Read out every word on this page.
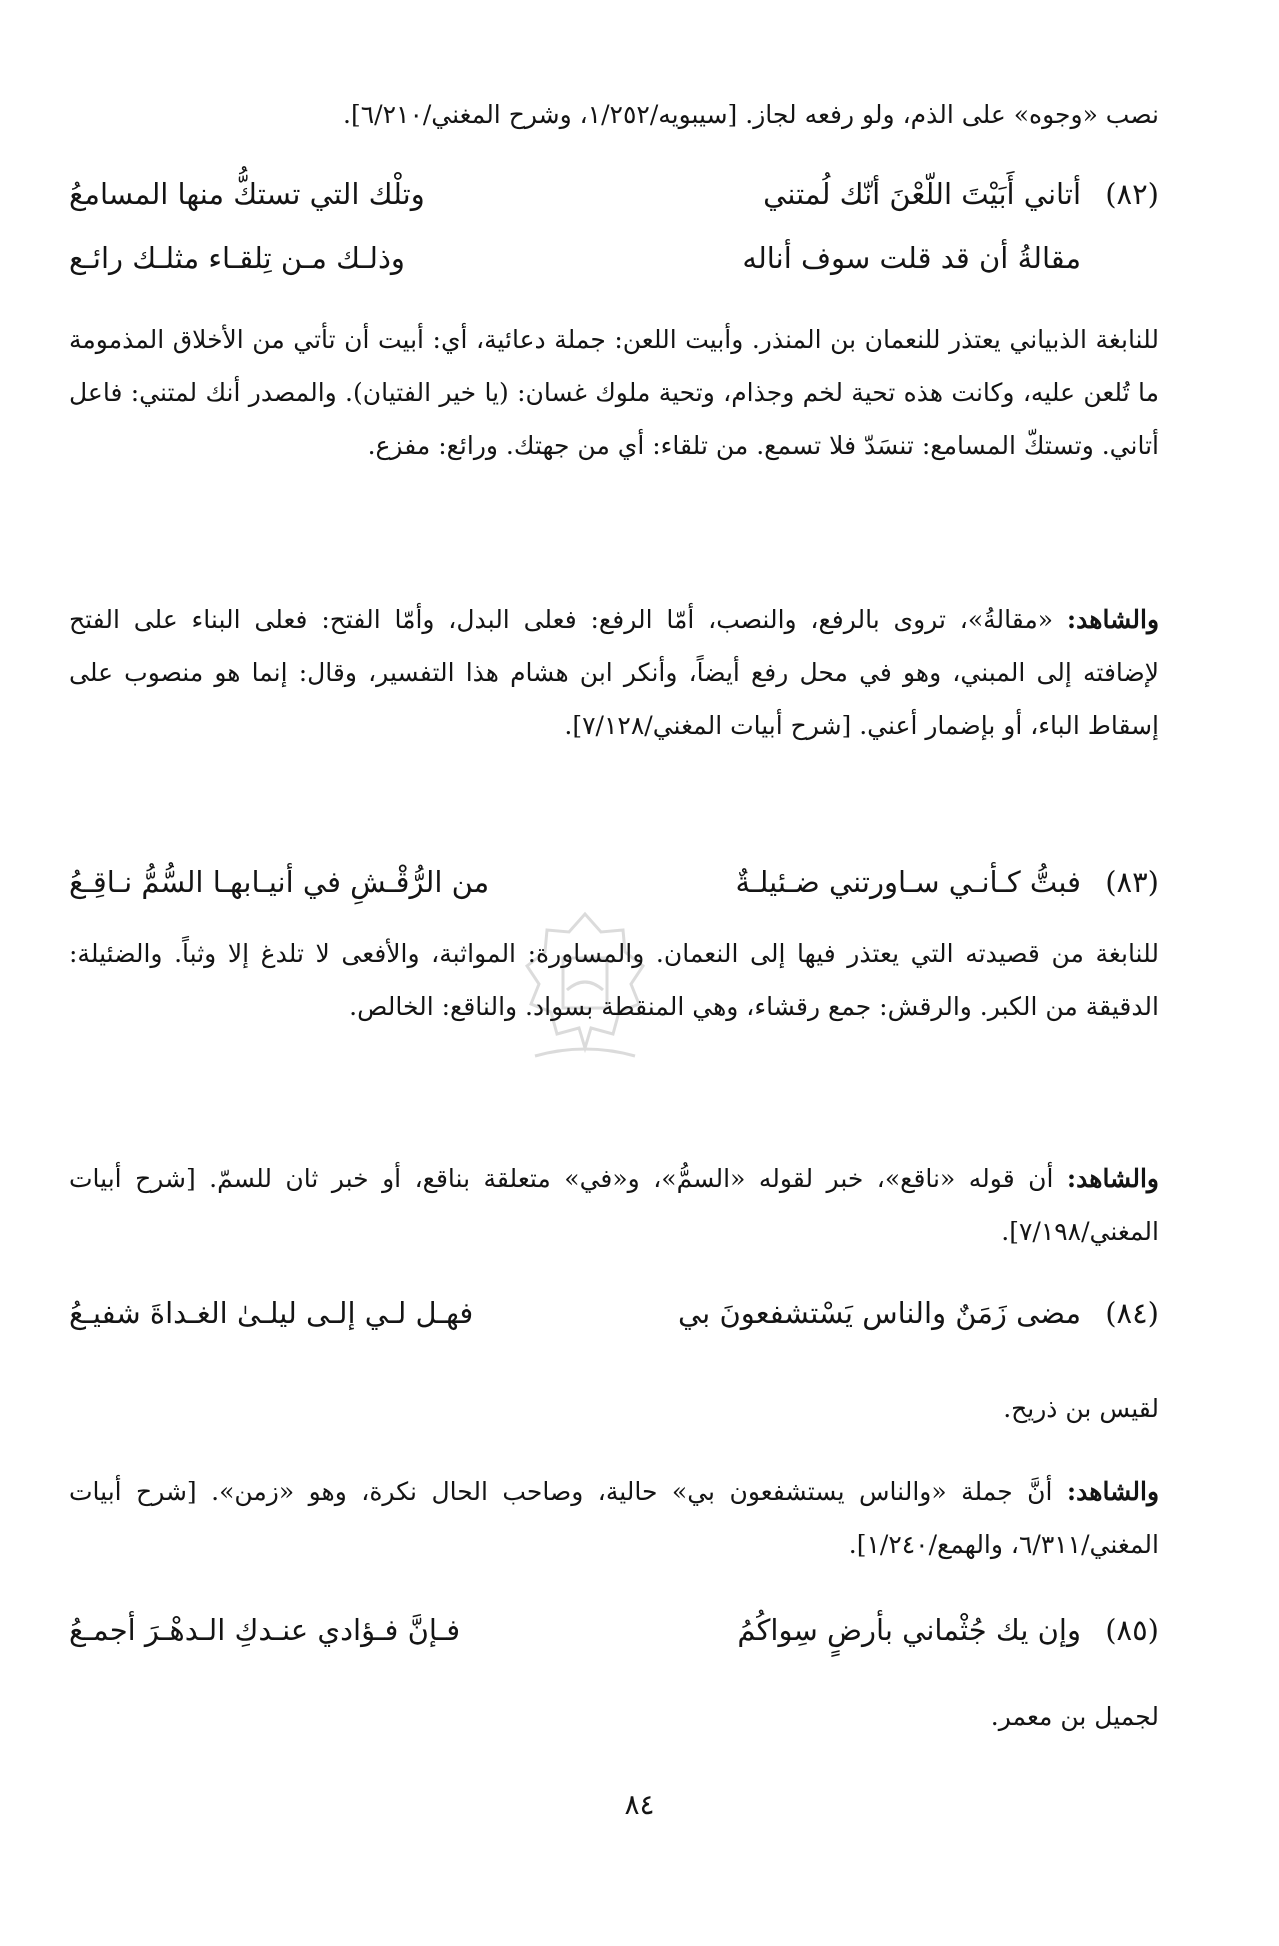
نصب «وجوه» على الذم، ولو رفعه لجاز. [سيبويه/١/٢٥٢، وشرح المغني/٦/٢١٠].

(٨٢)
أتاني أَبَيْتَ اللّعْنَ أنّك لُمتني
وتلْك التي تستكُّ منها المسامعُ
مقالةُ أن قد قلت سوف أناله
وذلـك مـن تِلقـاء مثلـك رائـع

للنابغة الذبياني يعتذر للنعمان بن المنذر. وأبيت اللعن: جملة دعائية، أي: أبيت أن تأتي من الأخلاق المذمومة ما تُلعن عليه، وكانت هذه تحية لخم وجذام، وتحية ملوك غسان: (يا خير الفتيان). والمصدر أنك لمتني: فاعل أتاني. وتستكّ المسامع: تنسَدّ فلا تسمع. من تلقاء: أي من جهتك. ورائع: مفزع.

والشاهد: «مقالةُ»، تروى بالرفع، والنصب، أمّا الرفع: فعلى البدل، وأمّا الفتح: فعلى البناء على الفتح لإضافته إلى المبني، وهو في محل رفع أيضاً، وأنكر ابن هشام هذا التفسير، وقال: إنما هو منصوب على إسقاط الباء، أو بإضمار أعني. [شرح أبيات المغني/٧/١٢٨].

(٨٣)
فبتُّ كـأنـي سـاورتني ضـئيلـةٌ
من الرُّقْـشِ في أنيـابهـا السُّمُّ نـاقِـعُ

للنابغة من قصيدته التي يعتذر فيها إلى النعمان. والمساورة: المواثبة، والأفعى لا تلدغ إلا وثباً. والضئيلة: الدقيقة من الكبر. والرقش: جمع رقشاء، وهي المنقطة بسواد. والناقع: الخالص.

والشاهد: أن قوله «ناقع»، خبر لقوله «السمُّ»، و«في» متعلقة بناقع، أو خبر ثان للسمّ. [شرح أبيات المغني/٧/١٩٨].

(٨٤)
مضى زَمَنٌ والناس يَسْتشفعونَ بي
فهـل لـي إلـى ليلـىٰ الغـداةَ شفيـعُ

لقيس بن ذريح.

والشاهد: أنَّ جملة «والناس يستشفعون بي» حالية، وصاحب الحال نكرة، وهو «زمن». [شرح أبيات المغني/٦/٣١١، والهمع/١/٢٤٠].

(٨٥)
وإن يك جُثْماني بأرضٍ سِواكُمُ
فـإنَّ فـؤادي عنـدكِ الـدهْـرَ أجمـعُ

لجميل بن معمر.

٨٤
